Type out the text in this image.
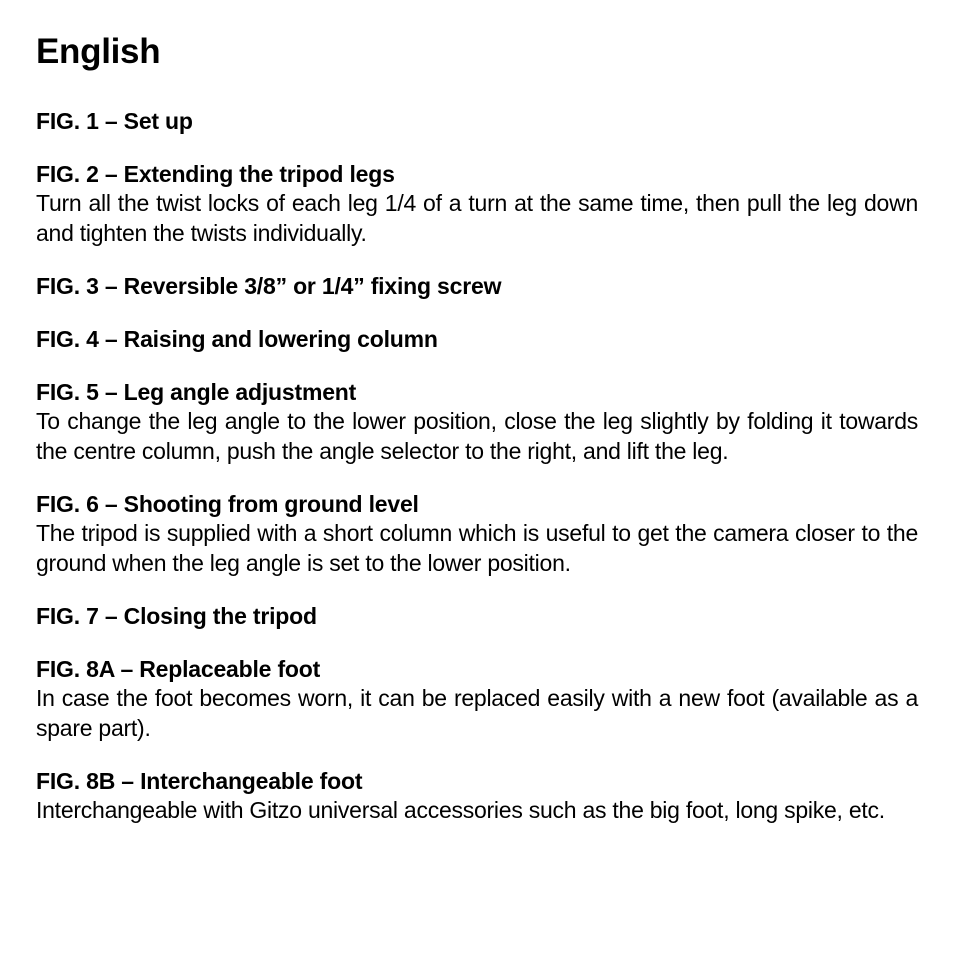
English

FIG. 1 – Set up

FIG. 2 – Extending the tripod legs

Turn all the twist locks of each leg 1/4 of a turn at the same time, then pull the leg down and tighten the twists individually.

FIG. 3 – Reversible 3/8” or 1/4” fixing screw

FIG. 4 – Raising and lowering column

FIG. 5 – Leg angle adjustment

To change the leg angle to the lower position, close the leg slightly by folding it towards the centre column, push the angle selector to the right, and lift the leg.

FIG. 6 – Shooting from ground level

The tripod is supplied with a short column which is useful to get the camera closer to the ground when the leg angle is set to the lower position.

FIG. 7 – Closing the tripod

FIG. 8A – Replaceable foot

In case the foot becomes worn, it can be replaced easily with a new foot (available as a spare part).

FIG. 8B – Interchangeable foot

Interchangeable with Gitzo universal accessories such as the big foot, long spike, etc.
